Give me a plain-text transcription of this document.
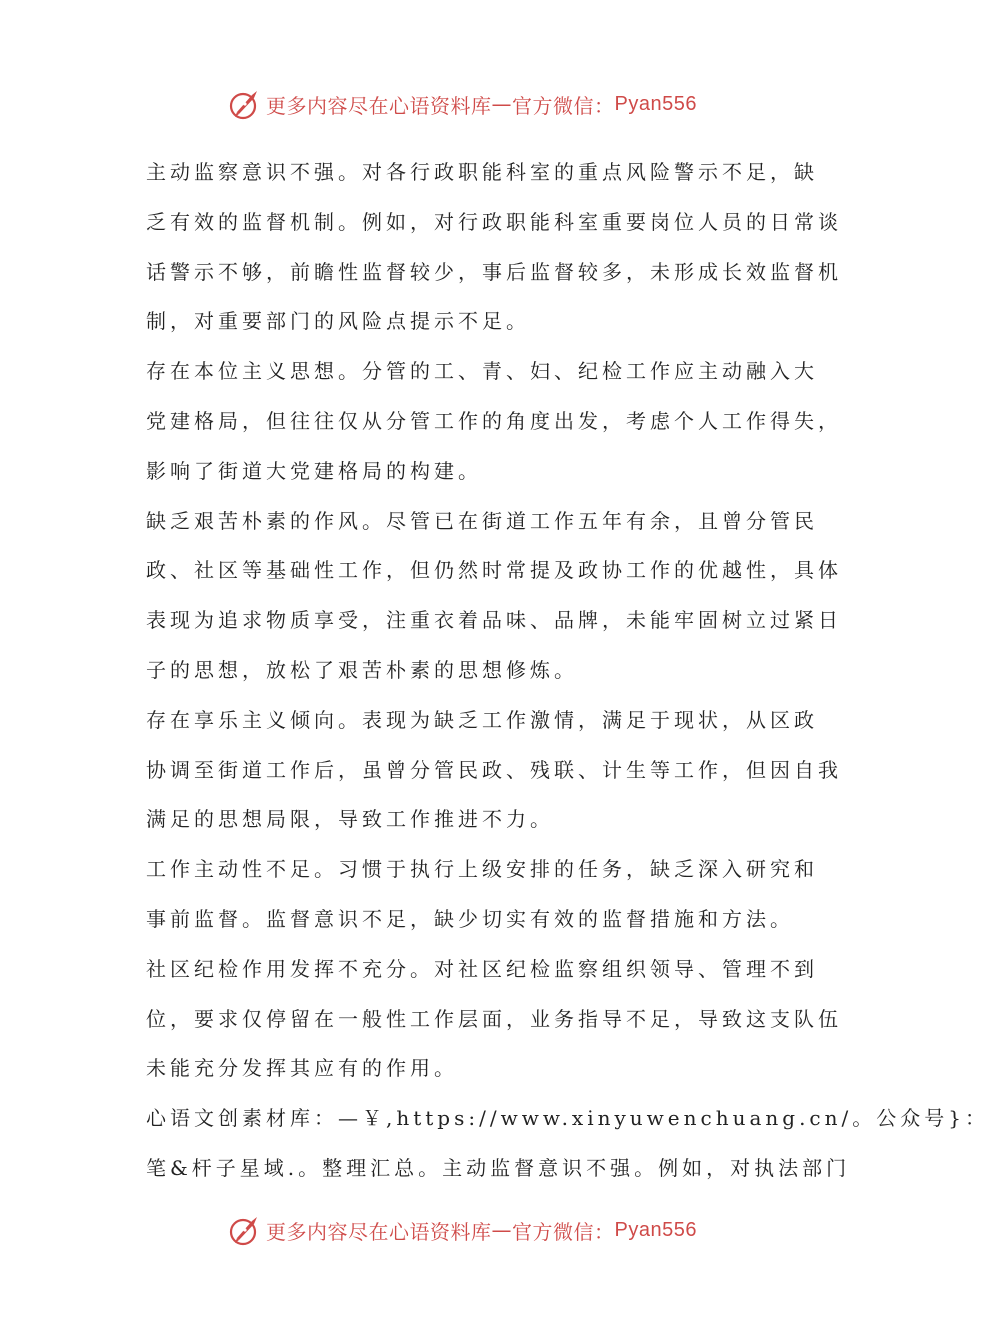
更多内容尽在心语资料库 — 官方微信： Pyan556
主动监察意识不强。对各行政职能科室的重点风险警示不足，缺
乏有效的监督机制。例如，对行政职能科室重要岗位人员的日常谈
话警示不够，前瞻性监督较少，事后监督较多，未形成长效监督机
制，对重要部门的风险点提示不足。
存在本位主义思想。分管的工、青、妇、纪检工作应主动融入大
党建格局，但往往仅从分管工作的角度出发，考虑个人工作得失，
影响了街道大党建格局的构建。
缺乏艰苦朴素的作风。尽管已在街道工作五年有余，且曾分管民
政、社区等基础性工作，但仍然时常提及政协工作的优越性，具体
表现为追求物质享受，注重衣着品味、品牌，未能牢固树立过紧日
子的思想，放松了艰苦朴素的思想修炼。
存在享乐主义倾向。表现为缺乏工作激情，满足于现状，从区政
协调至街道工作后，虽曾分管民政、残联、计生等工作，但因自我
满足的思想局限，导致工作推进不力。
工作主动性不足。习惯于执行上级安排的任务，缺乏深入研究和
事前监督。监督意识不足，缺少切实有效的监督措施和方法。
社区纪检作用发挥不充分。对社区纪检监察组织领导、管理不到
位，要求仅停留在一般性工作层面，业务指导不足，导致这支队伍
未能充分发挥其应有的作用。
心语文创素材库：—￥,https://www.xinyuwenchuang.cn/。公众号}：
笔&杆子星域.。整理汇总。主动监督意识不强。例如，对执法部门
更多内容尽在心语资料库 — 官方微信： Pyan556
